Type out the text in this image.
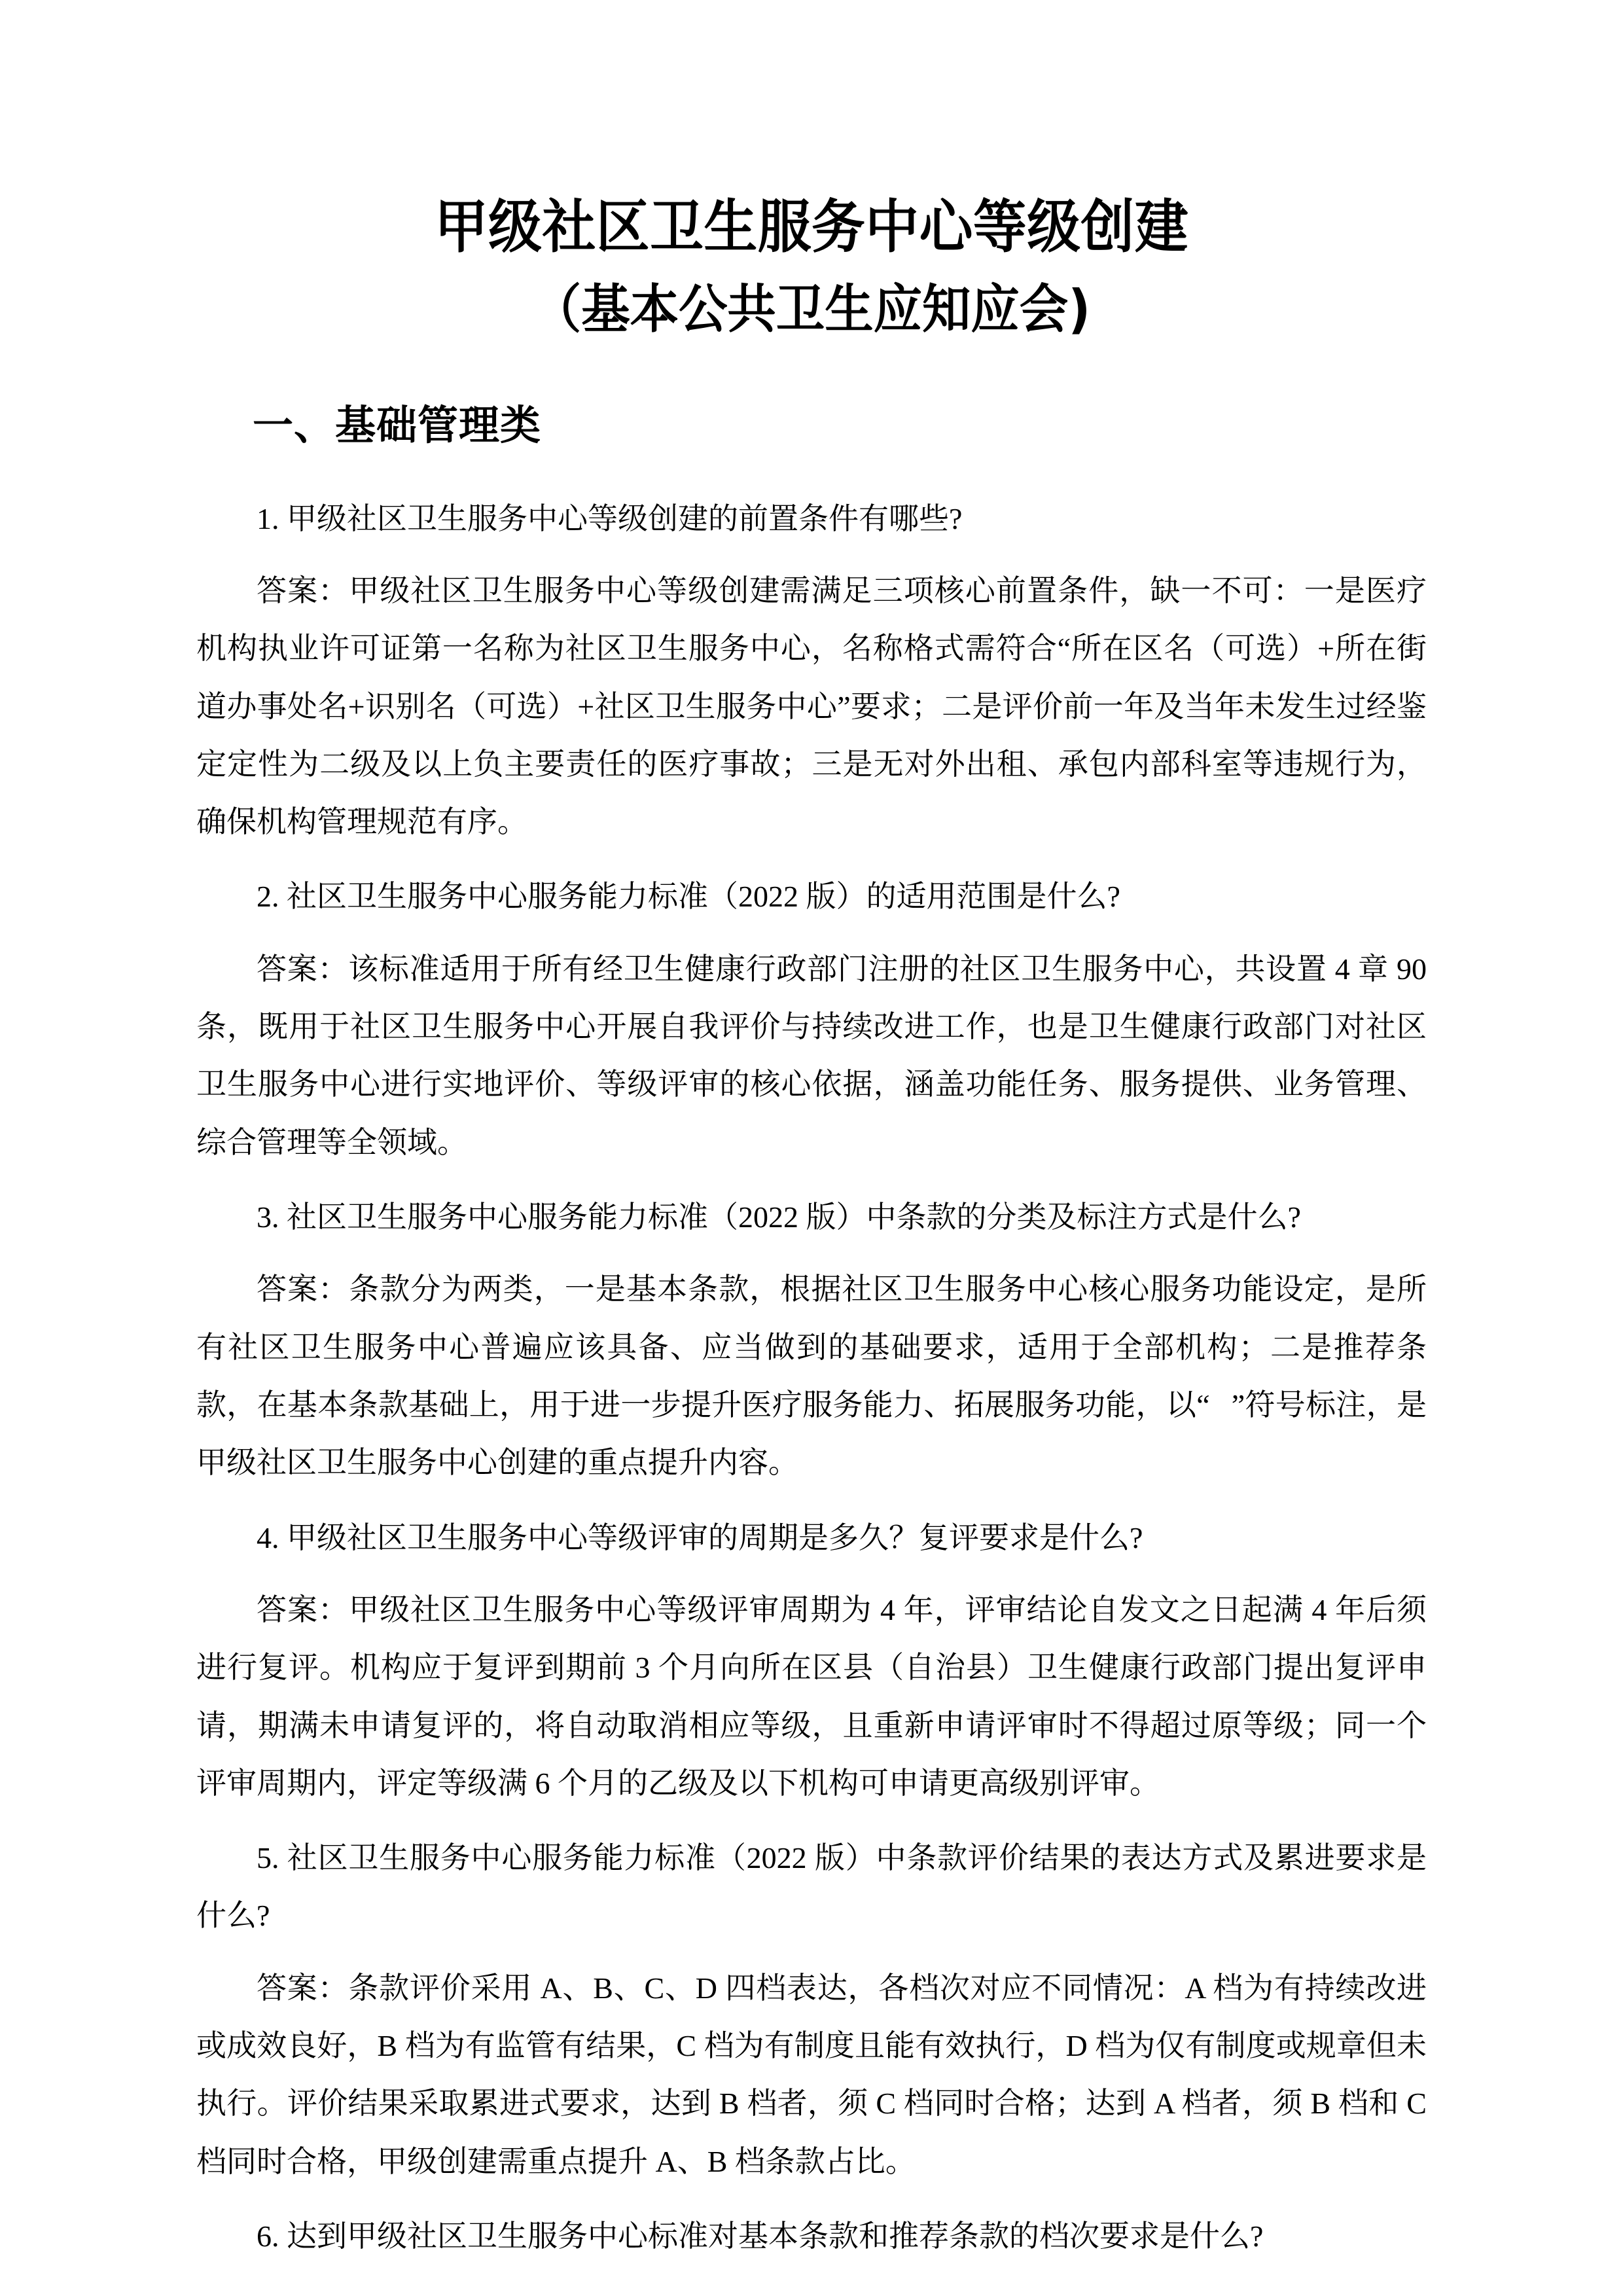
甲级社区卫生服务中心等级创建
（基本公共卫生应知应会)
一、基础管理类

1. 甲级社区卫生服务中心等级创建的前置条件有哪些?

答案：甲级社区卫生服务中心等级创建需满足三项核心前置条件，缺一不可：一是医疗机构执业许可证第一名称为社区卫生服务中心，名称格式需符合“所在区名（可选）+所在街道办事处名+识别名（可选）+社区卫生服务中心”要求；二是评价前一年及当年未发生过经鉴定定性为二级及以上负主要责任的医疗事故；三是无对外出租、承包内部科室等违规行为，确保机构管理规范有序。

2. 社区卫生服务中心服务能力标准（2022 版）的适用范围是什么?

答案：该标准适用于所有经卫生健康行政部门注册的社区卫生服务中心，共设置 4 章 90 条，既用于社区卫生服务中心开展自我评价与持续改进工作，也是卫生健康行政部门对社区卫生服务中心进行实地评价、等级评审的核心依据，涵盖功能任务、服务提供、业务管理、综合管理等全领域。

3. 社区卫生服务中心服务能力标准（2022 版）中条款的分类及标注方式是什么?

答案：条款分为两类，一是基本条款，根据社区卫生服务中心核心服务功能设定，是所有社区卫生服务中心普遍应该具备、应当做到的基础要求，适用于全部机构；二是推荐条款，在基本条款基础上，用于进一步提升医疗服务能力、拓展服务功能，以“ ”符号标注，是甲级社区卫生服务中心创建的重点提升内容。

4. 甲级社区卫生服务中心等级评审的周期是多久？复评要求是什么?

答案：甲级社区卫生服务中心等级评审周期为 4 年，评审结论自发文之日起满 4 年后须进行复评。机构应于复评到期前 3 个月向所在区县（自治县）卫生健康行政部门提出复评申请，期满未申请复评的，将自动取消相应等级，且重新申请评审时不得超过原等级；同一个评审周期内，评定等级满 6 个月的乙级及以下机构可申请更高级别评审。

5. 社区卫生服务中心服务能力标准（2022 版）中条款评价结果的表达方式及累进要求是什么?

答案：条款评价采用 A、B、C、D 四档表达，各档次对应不同情况：A 档为有持续改进或成效良好，B 档为有监管有结果，C 档为有制度且能有效执行，D 档为仅有制度或规章但未执行。评价结果采取累进式要求，达到 B 档者，须 C 档同时合格；达到 A 档者，须 B 档和 C 档同时合格，甲级创建需重点提升 A、B 档条款占比。

6. 达到甲级社区卫生服务中心标准对基本条款和推荐条款的档次要求是什么?
